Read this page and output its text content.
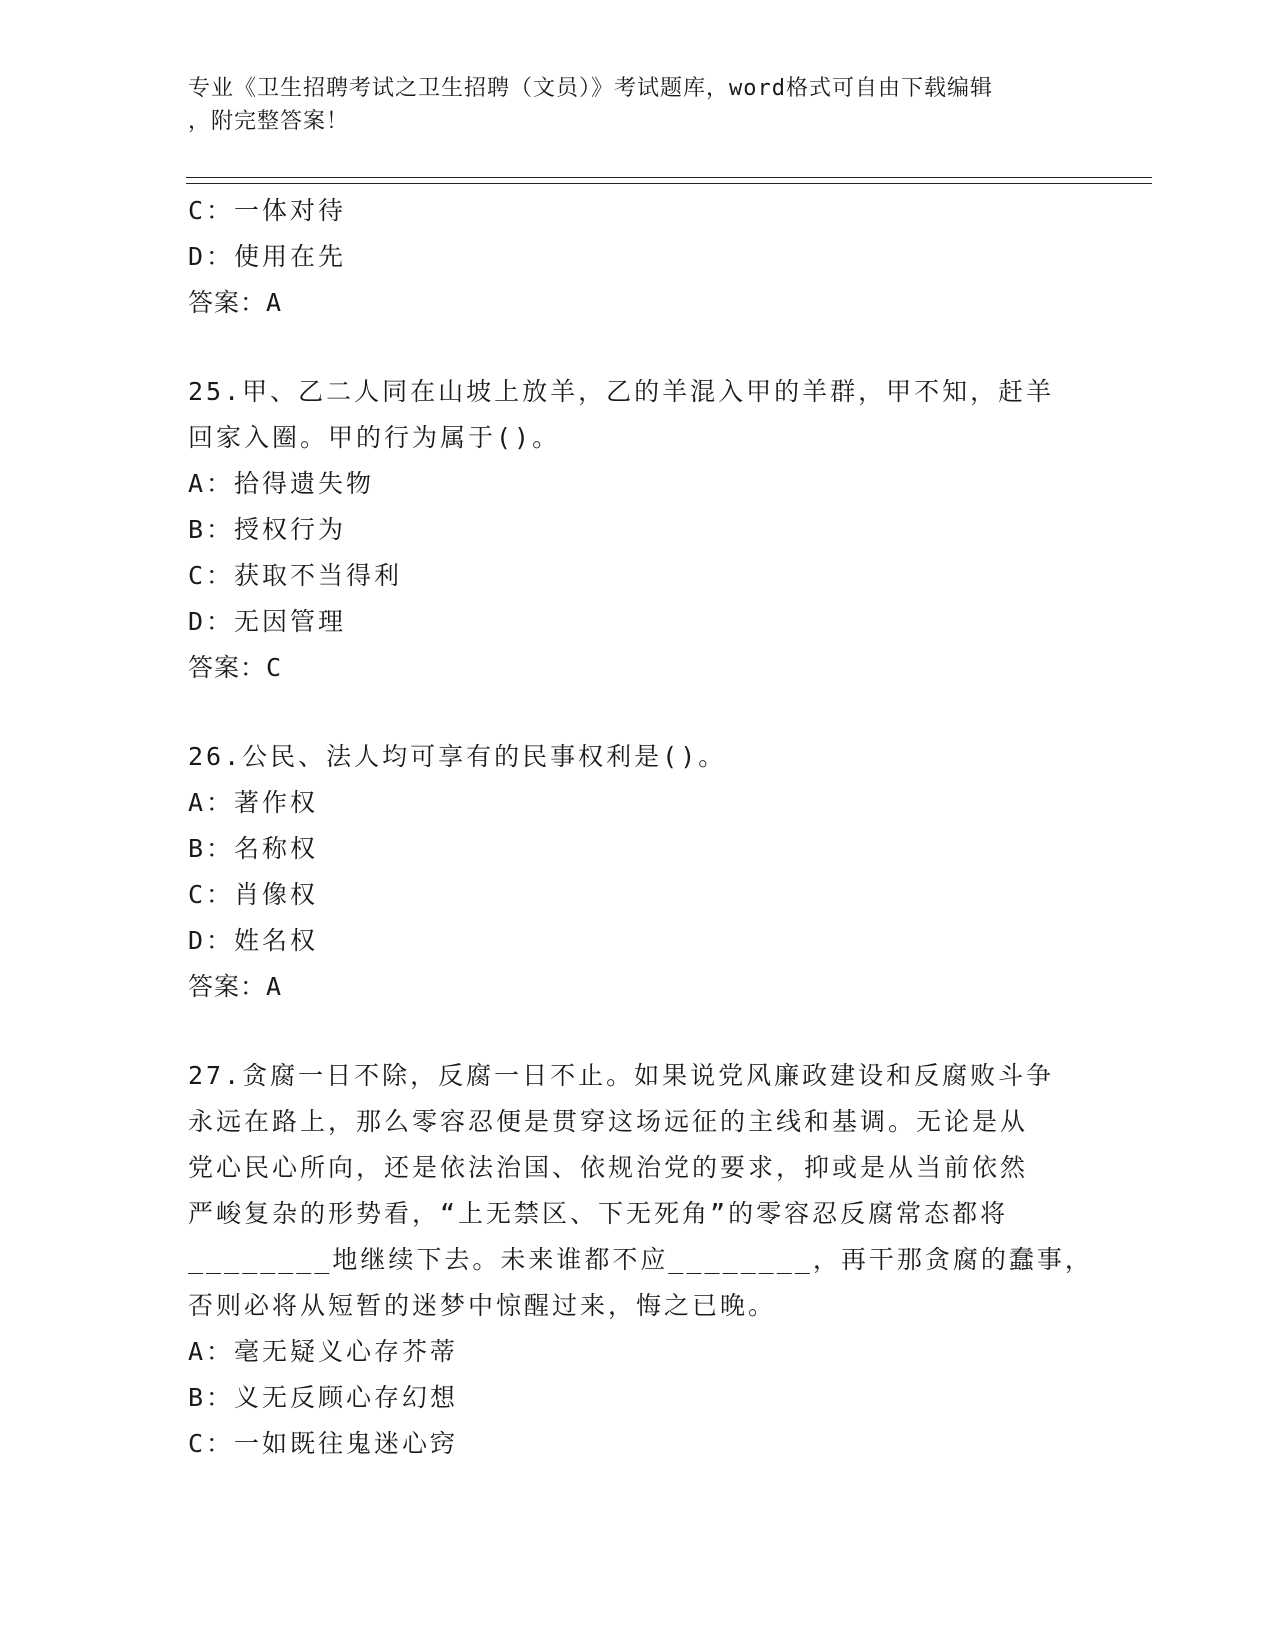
专业《卫生招聘考试之卫生招聘（文员）》考试题库，word格式可自由下载编辑
，附完整答案！
C：一体对待
D：使用在先
答案：A
25.甲、乙二人同在山坡上放羊，乙的羊混入甲的羊群，甲不知，赶羊
回家入圈。甲的行为属于()。
A：拾得遗失物
B：授权行为
C：获取不当得利
D：无因管理
答案：C
26.公民、法人均可享有的民事权利是()。
A：著作权
B：名称权
C：肖像权
D：姓名权
答案：A
27.贪腐一日不除，反腐一日不止。如果说党风廉政建设和反腐败斗争
永远在路上，那么零容忍便是贯穿这场远征的主线和基调。无论是从
党心民心所向，还是依法治国、依规治党的要求，抑或是从当前依然
严峻复杂的形势看，“上无禁区、下无死角”的零容忍反腐常态都将
________地继续下去。未来谁都不应________，再干那贪腐的蠢事，
否则必将从短暂的迷梦中惊醒过来，悔之已晚。
A：毫无疑义心存芥蒂
B：义无反顾心存幻想
C：一如既往鬼迷心窍
